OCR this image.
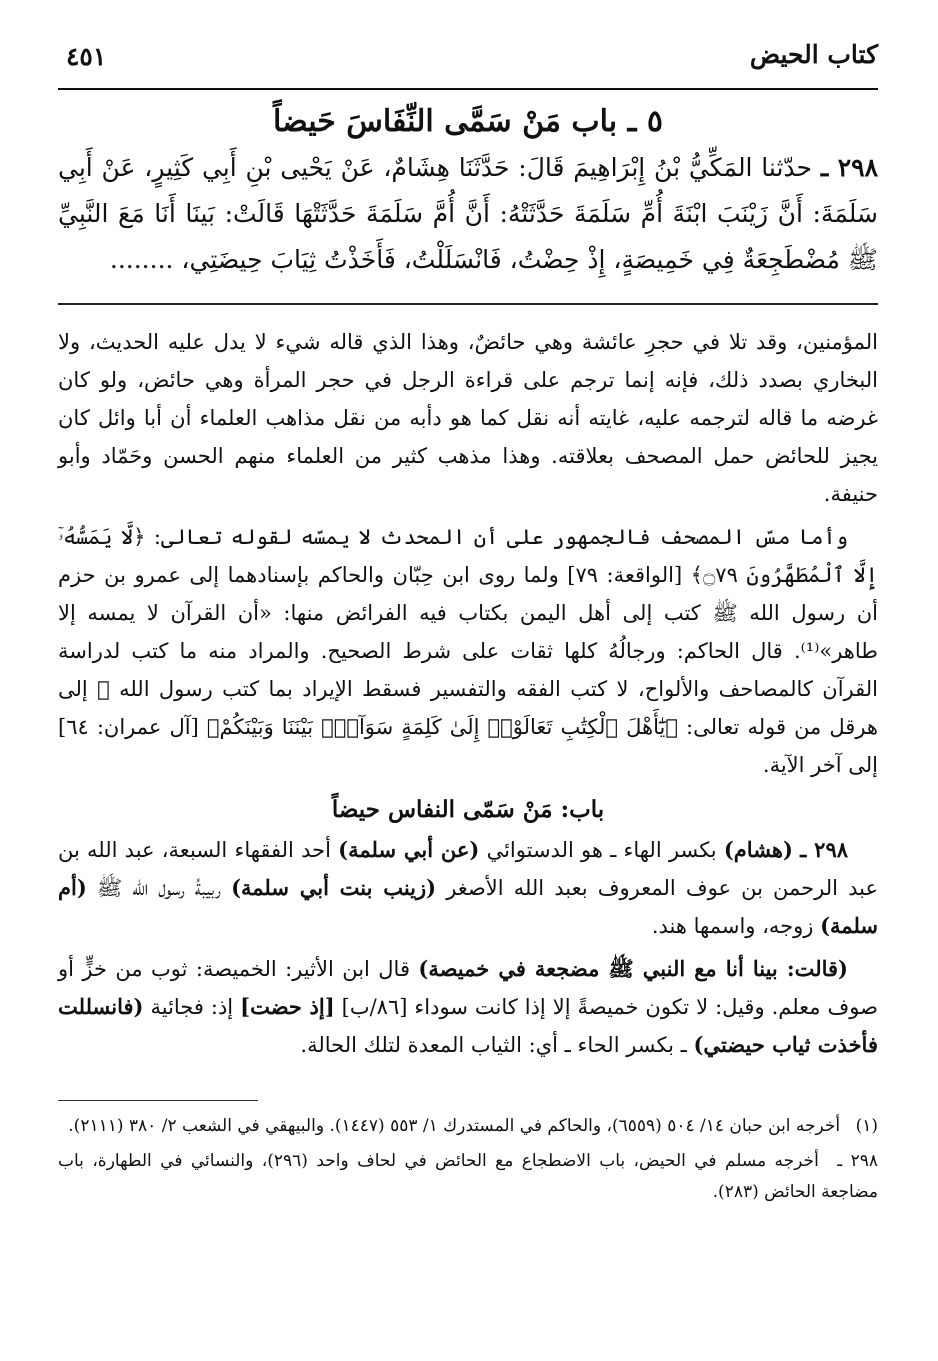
كتاب الحيض
٤٥١
٥ ـ باب مَنْ سَمَّى النِّفَاسَ حَيضاً

٢٩٨ ـ حدّثنا المَكِّيُّ بْنُ إِبْرَاهِيمَ قَالَ: حَدَّثَنَا هِشَامٌ، عَنْ يَحْيى بْنِ أَبِي كَثِيرٍ، عَنْ أَبِي سَلَمَةَ: أَنَّ زَيْنَبَ ابْنَةَ أُمِّ سَلَمَةَ حَدَّثَتْهُ: أَنَّ أُمَّ سَلَمَةَ حَدَّثَتْهَا قَالَتْ: بَينَا أَنَا مَعَ النَّبِيِّ ﷺ مُضْطَجِعَةٌ فِي خَمِيصَةٍ، إِذْ حِضْتُ، فَانْسَلَلْتُ، فَأَخَذْتُ ثِيَابَ حِيضَتِي، ........

المؤمنين، وقد تلا في حجرِ عائشة وهي حائضٌ، وهذا الذي قاله شيء لا يدل عليه الحديث، ولا البخاري بصدد ذلك، فإنه إنما ترجم على قراءة الرجل في حجر المرأة وهي حائض، ولو كان غرضه ما قاله لترجمه عليه، غايته أنه نقل كما هو دأبه من نقل مذاهب العلماء أن أبا وائل كان يجيز للحائض حمل المصحف بعلاقته. وهذا مذهب كثير من العلماء منهم الحسن وحَمّاد وأبو حنيفة.

وأما مسّ المصحف فالجمهور على أن المحدث لا يمسّه لقوله تعالى: ﴿لَّا يَمَسُّهُۥٓ إِلَّا ٱلْمُطَهَّرُونَ ۝٧٩﴾ [الواقعة: ٧٩] ولما روى ابن حِبّان والحاكم بإسنادهما إلى عمرو بن حزم أن رسول الله ﷺ كتب إلى أهل اليمن بكتاب فيه الفرائض منها: «أن القرآن لا يمسه إلا طاهر»⁽¹⁾. قال الحاكم: ورجالُهُ كلها ثقات على شرط الصحيح. والمراد منه ما كتب لدراسة القرآن كالمصاحف والألواح، لا كتب الفقه والتفسير فسقط الإيراد بما كتب رسول الله ﷺ إلى هرقل من قوله تعالى: ﴿يَٰٓأَهْلَ ٱلْكِتَٰبِ تَعَالَوْا۟ إِلَىٰ كَلِمَةٍ سَوَآءٍۭ بَيْنَنَا وَبَيْنَكُمْ﴾ [آل عمران: ٦٤] إلى آخر الآية.

باب: مَنْ سَمّى النفاس حيضاً

٢٩٨ ـ (هشام) بكسر الهاء ـ هو الدستوائي (عن أبي سلمة) أحد الفقهاء السبعة، عبد الله بن عبد الرحمن بن عوف المعروف بعبد الله الأصغر (زينب بنت أبي سلمة) ربيبةُ رسول الله ﷺ (أم سلمة) زوجه، واسمها هند.

(قالت: بينا أنا مع النبي ﷺ مضجعة في خميصة) قال ابن الأثير: الخميصة: ثوب من خزٍّ أو صوف معلم. وقيل: لا تكون خميصةً إلا إذا كانت سوداء [٨٦/ب] [إذ حضت] إذ: فجائية (فانسللت فأخذت ثياب حيضتي) ـ بكسر الحاء ـ أي: الثياب المعدة لتلك الحالة.

(١) أخرجه ابن حبان ١٤/ ٥٠٤ (٦٥٥٩)، والحاكم في المستدرك ١/ ٥٥٣ (١٤٤٧). والبيهقي في الشعب ٢/ ٣٨٠ (٢١١١).

٢٩٨ ـ أخرجه مسلم في الحيض، باب الاضطجاع مع الحائض في لحاف واحد (٢٩٦)، والنسائي في الطهارة، باب مضاجعة الحائض (٢٨٣).
